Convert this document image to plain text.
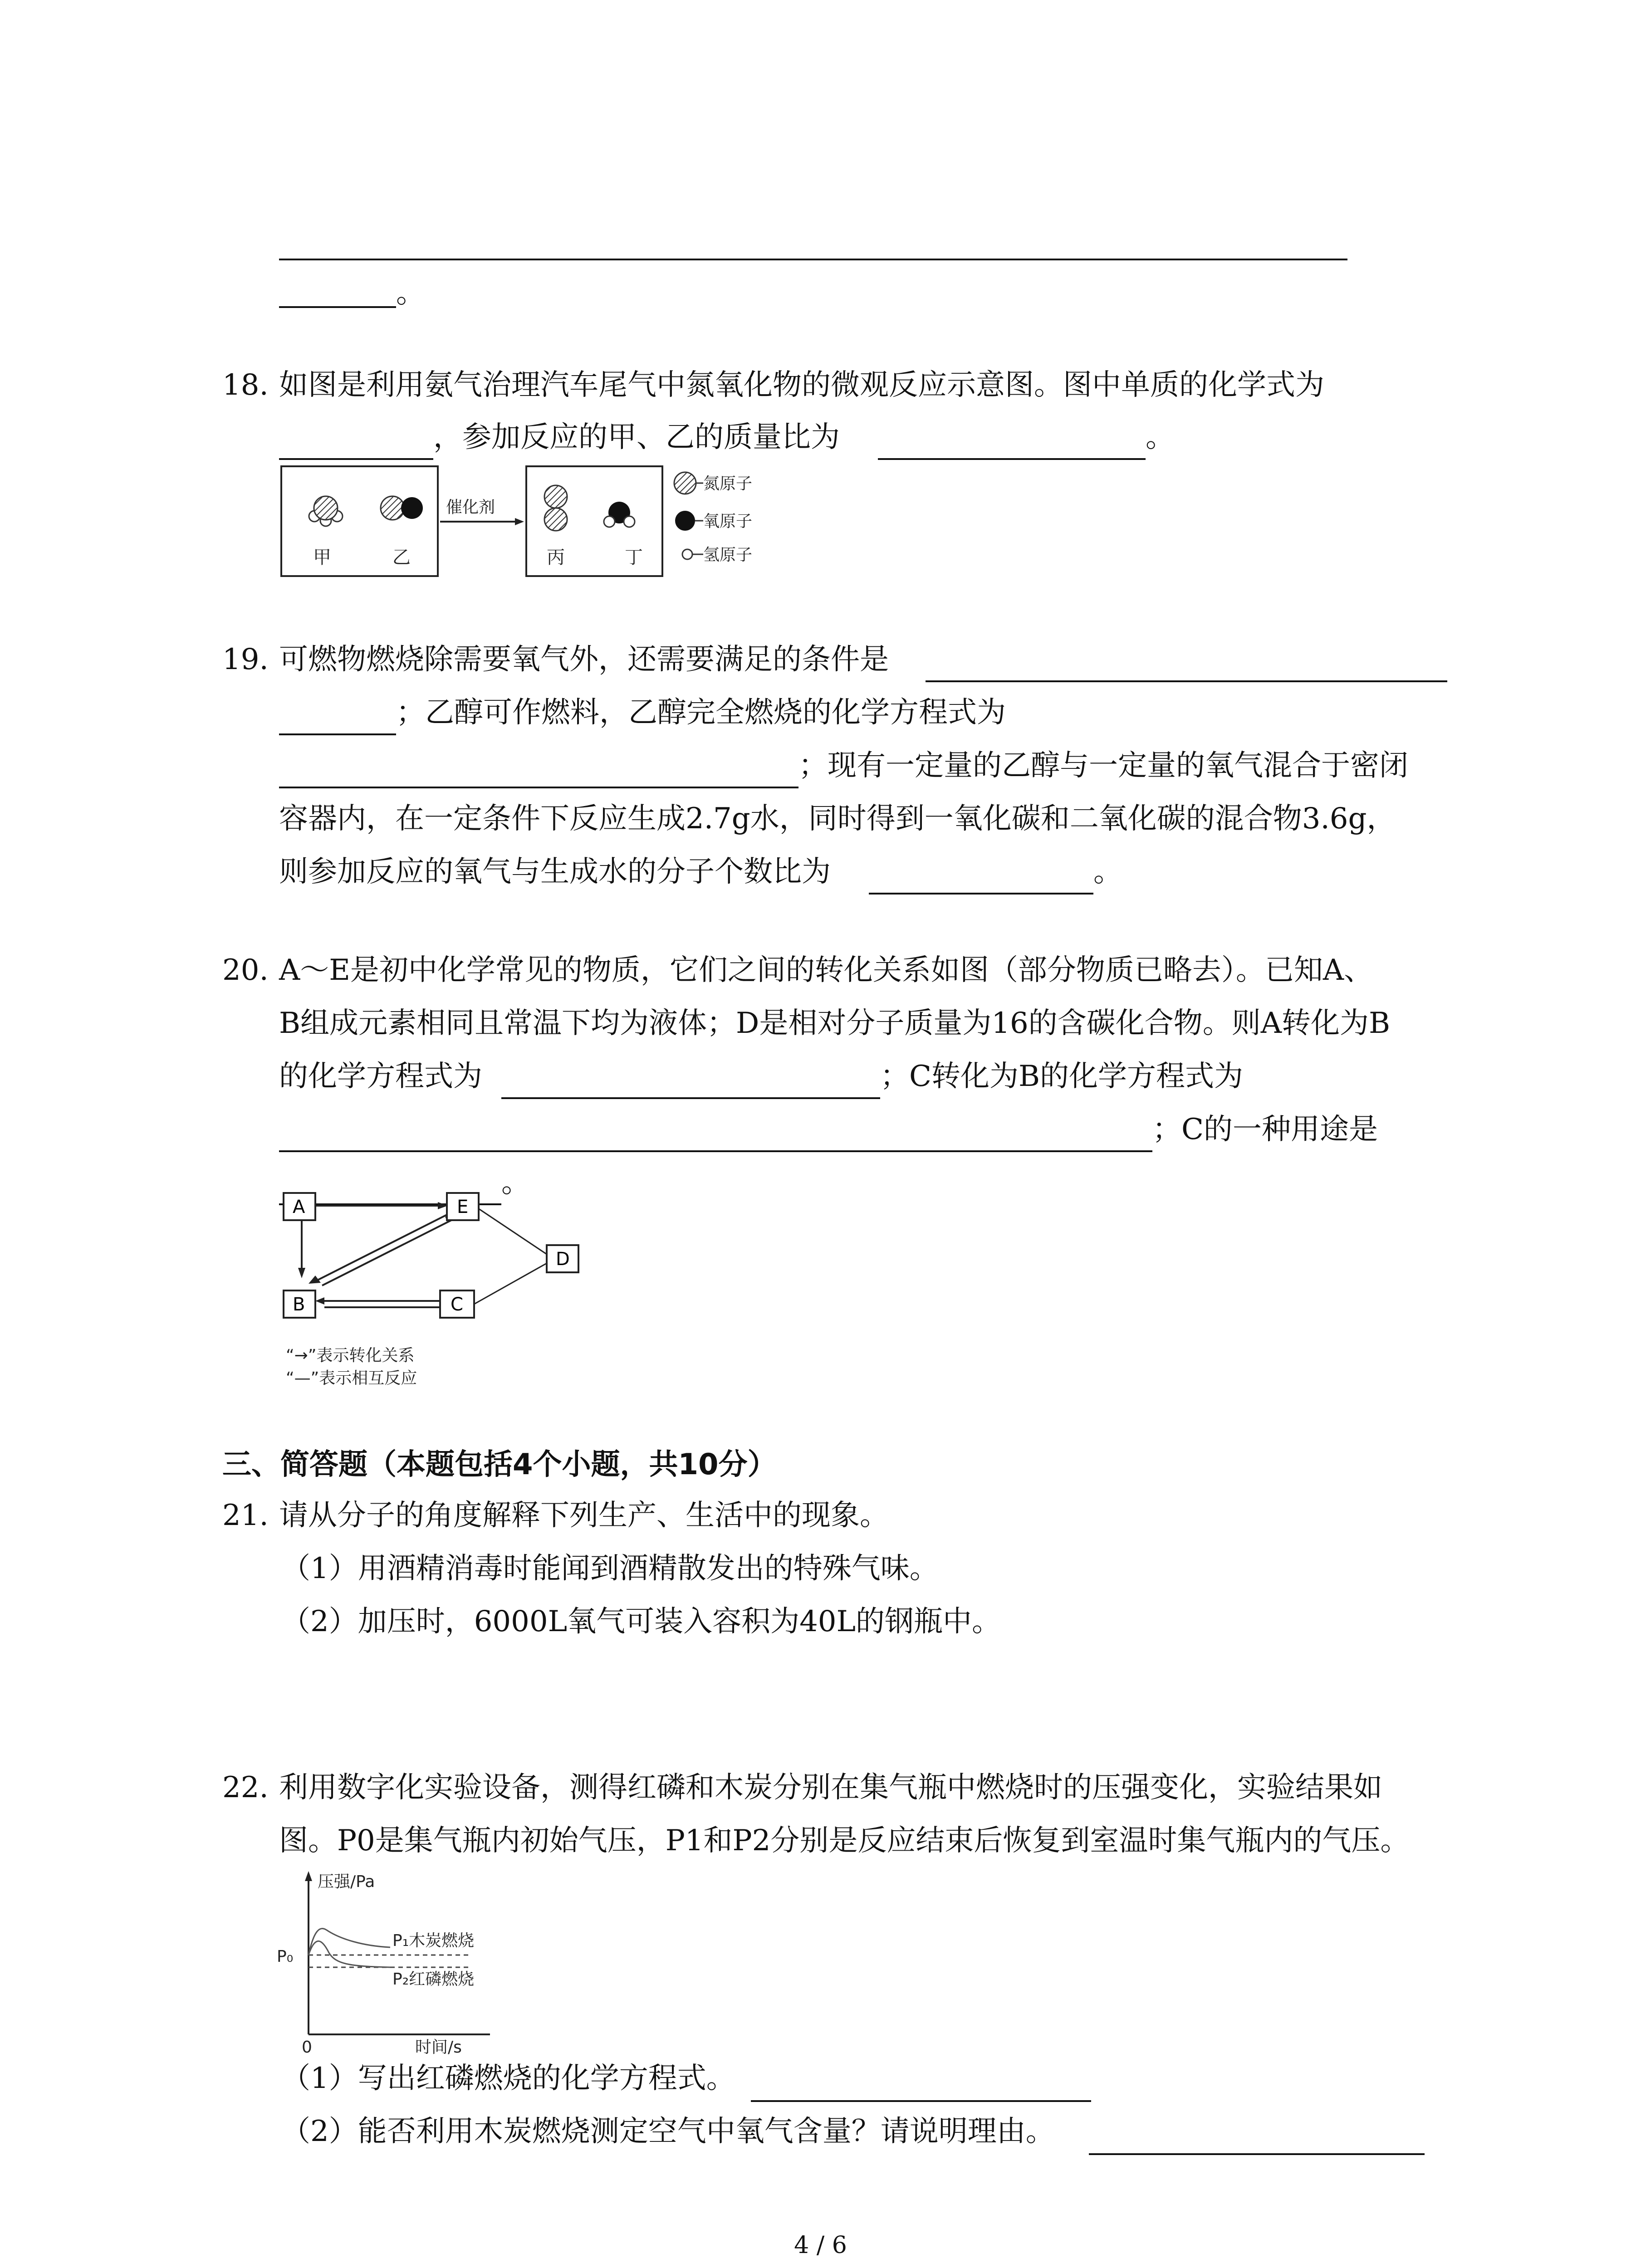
。
18. 如图是利用氨气治理汽车尾气中氮氧化物的微观反应示意图。图中单质的化学式为
，参加反应的甲、乙的质量比为	。
甲	乙
催化剂
丙	丁
氮原子
氧原子
氢原子
19. 可燃物燃烧除需要氧气外，还需要满足的条件是
；乙醇可作燃料，乙醇完全燃烧的化学方程式为
；现有一定量的乙醇与一定量的氧气混合于密闭
容器内，在一定条件下反应生成2.7g水，同时得到一氧化碳和二氧化碳的混合物3.6g，
则参加反应的氧气与生成水的分子个数比为	。
20. A～E是初中化学常见的物质，它们之间的转化关系如图（部分物质已略去）。已知A、
B组成元素相同且常温下均为液体；D是相对分子质量为16的含碳化合物。则A转化为B
的化学方程式为	；C转化为B的化学方程式为
；C的一种用途是
。
A	E
D
B	C
“→”表示转化关系
“—”表示相互反应
三、简答题（本题包括4个小题，共10分）
21. 请从分子的角度解释下列生产、生活中的现象。
（1）用酒精消毒时能闻到酒精散发出的特殊气味。
（2）加压时，6000L氧气可装入容积为40L的钢瓶中。
22. 利用数字化实验设备，测得红磷和木炭分别在集气瓶中燃烧时的压强变化，实验结果如
图。P0是集气瓶内初始气压，P1和P2分别是反应结束后恢复到室温时集气瓶内的气压。
压强/Pa
时间/s
0
P₀
P₁木炭燃烧
P₂红磷燃烧
（1）写出红磷燃烧的化学方程式。
（2）能否利用木炭燃烧测定空气中氧气含量？请说明理由。
4 / 6
